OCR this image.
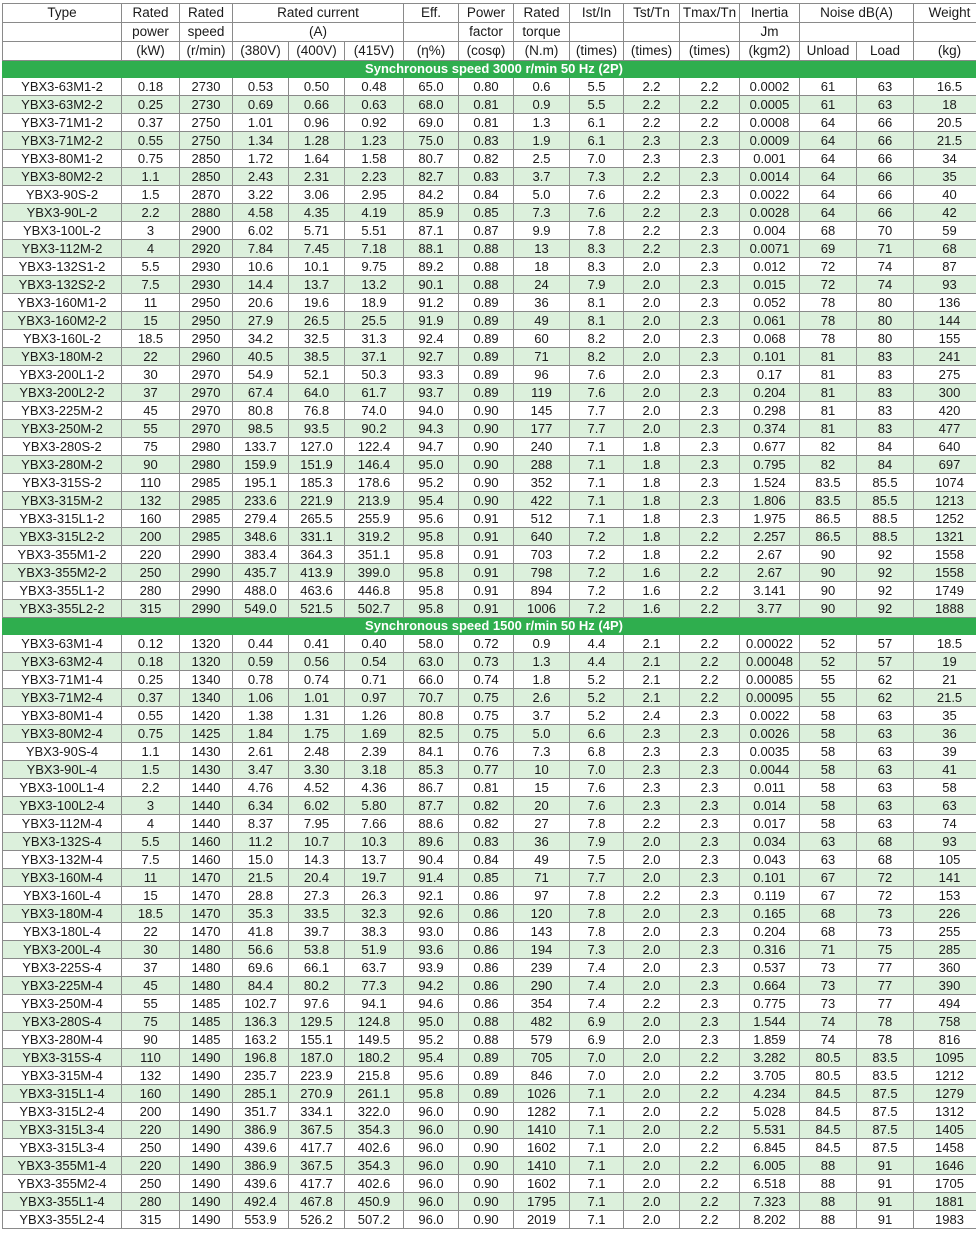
Type	Rated	Rated	Rated current			Eff.	Power	Rated	Ist/In	Tst/Tn	Tmax/Tn	Inertia	Noise dB(A)		Weight
	power	speed	(A)				factor	torque				Jm			
	(kW)	(r/min)	(380V)	(400V)	(415V)	(η%)	(cosφ)	(N.m)	(times)	(times)	(times)	(kgm2)	Unload	Load	(kg)
Synchronous speed 3000 r/min 50 Hz (2P)															
YBX3-63M1-2	0.18	2730	0.53	0.50	0.48	65.0	0.80	0.6	5.5	2.2	2.2	0.0002	61	63	16.5
YBX3-63M2-2	0.25	2730	0.69	0.66	0.63	68.0	0.81	0.9	5.5	2.2	2.2	0.0005	61	63	18
YBX3-71M1-2	0.37	2750	1.01	0.96	0.92	69.0	0.81	1.3	6.1	2.2	2.2	0.0008	64	66	20.5
YBX3-71M2-2	0.55	2750	1.34	1.28	1.23	75.0	0.83	1.9	6.1	2.3	2.3	0.0009	64	66	21.5
YBX3-80M1-2	0.75	2850	1.72	1.64	1.58	80.7	0.82	2.5	7.0	2.3	2.3	0.001	64	66	34
YBX3-80M2-2	1.1	2850	2.43	2.31	2.23	82.7	0.83	3.7	7.3	2.2	2.3	0.0014	64	66	35
YBX3-90S-2	1.5	2870	3.22	3.06	2.95	84.2	0.84	5.0	7.6	2.2	2.3	0.0022	64	66	40
YBX3-90L-2	2.2	2880	4.58	4.35	4.19	85.9	0.85	7.3	7.6	2.2	2.3	0.0028	64	66	42
YBX3-100L-2	3	2900	6.02	5.71	5.51	87.1	0.87	9.9	7.8	2.2	2.3	0.004	68	70	59
YBX3-112M-2	4	2920	7.84	7.45	7.18	88.1	0.88	13	8.3	2.2	2.3	0.0071	69	71	68
YBX3-132S1-2	5.5	2930	10.6	10.1	9.75	89.2	0.88	18	8.3	2.0	2.3	0.012	72	74	87
YBX3-132S2-2	7.5	2930	14.4	13.7	13.2	90.1	0.88	24	7.9	2.0	2.3	0.015	72	74	93
YBX3-160M1-2	11	2950	20.6	19.6	18.9	91.2	0.89	36	8.1	2.0	2.3	0.052	78	80	136
YBX3-160M2-2	15	2950	27.9	26.5	25.5	91.9	0.89	49	8.1	2.0	2.3	0.061	78	80	144
YBX3-160L-2	18.5	2950	34.2	32.5	31.3	92.4	0.89	60	8.2	2.0	2.3	0.068	78	80	155
YBX3-180M-2	22	2960	40.5	38.5	37.1	92.7	0.89	71	8.2	2.0	2.3	0.101	81	83	241
YBX3-200L1-2	30	2970	54.9	52.1	50.3	93.3	0.89	96	7.6	2.0	2.3	0.17	81	83	275
YBX3-200L2-2	37	2970	67.4	64.0	61.7	93.7	0.89	119	7.6	2.0	2.3	0.204	81	83	300
YBX3-225M-2	45	2970	80.8	76.8	74.0	94.0	0.90	145	7.7	2.0	2.3	0.298	81	83	420
YBX3-250M-2	55	2970	98.5	93.5	90.2	94.3	0.90	177	7.7	2.0	2.3	0.374	81	83	477
YBX3-280S-2	75	2980	133.7	127.0	122.4	94.7	0.90	240	7.1	1.8	2.3	0.677	82	84	640
YBX3-280M-2	90	2980	159.9	151.9	146.4	95.0	0.90	288	7.1	1.8	2.3	0.795	82	84	697
YBX3-315S-2	110	2985	195.1	185.3	178.6	95.2	0.90	352	7.1	1.8	2.3	1.524	83.5	85.5	1074
YBX3-315M-2	132	2985	233.6	221.9	213.9	95.4	0.90	422	7.1	1.8	2.3	1.806	83.5	85.5	1213
YBX3-315L1-2	160	2985	279.4	265.5	255.9	95.6	0.91	512	7.1	1.8	2.3	1.975	86.5	88.5	1252
YBX3-315L2-2	200	2985	348.6	331.1	319.2	95.8	0.91	640	7.2	1.8	2.2	2.257	86.5	88.5	1321
YBX3-355M1-2	220	2990	383.4	364.3	351.1	95.8	0.91	703	7.2	1.8	2.2	2.67	90	92	1558
YBX3-355M2-2	250	2990	435.7	413.9	399.0	95.8	0.91	798	7.2	1.6	2.2	2.67	90	92	1558
YBX3-355L1-2	280	2990	488.0	463.6	446.8	95.8	0.91	894	7.2	1.6	2.2	3.141	90	92	1749
YBX3-355L2-2	315	2990	549.0	521.5	502.7	95.8	0.91	1006	7.2	1.6	2.2	3.77	90	92	1888
Synchronous speed 1500 r/min 50 Hz (4P)															
YBX3-63M1-4	0.12	1320	0.44	0.41	0.40	58.0	0.72	0.9	4.4	2.1	2.2	0.00022	52	57	18.5
YBX3-63M2-4	0.18	1320	0.59	0.56	0.54	63.0	0.73	1.3	4.4	2.1	2.2	0.00048	52	57	19
YBX3-71M1-4	0.25	1340	0.78	0.74	0.71	66.0	0.74	1.8	5.2	2.1	2.2	0.00085	55	62	21
YBX3-71M2-4	0.37	1340	1.06	1.01	0.97	70.7	0.75	2.6	5.2	2.1	2.2	0.00095	55	62	21.5
YBX3-80M1-4	0.55	1420	1.38	1.31	1.26	80.8	0.75	3.7	5.2	2.4	2.3	0.0022	58	63	35
YBX3-80M2-4	0.75	1425	1.84	1.75	1.69	82.5	0.75	5.0	6.6	2.3	2.3	0.0026	58	63	36
YBX3-90S-4	1.1	1430	2.61	2.48	2.39	84.1	0.76	7.3	6.8	2.3	2.3	0.0035	58	63	39
YBX3-90L-4	1.5	1430	3.47	3.30	3.18	85.3	0.77	10	7.0	2.3	2.3	0.0044	58	63	41
YBX3-100L1-4	2.2	1440	4.76	4.52	4.36	86.7	0.81	15	7.6	2.3	2.3	0.011	58	63	58
YBX3-100L2-4	3	1440	6.34	6.02	5.80	87.7	0.82	20	7.6	2.3	2.3	0.014	58	63	63
YBX3-112M-4	4	1440	8.37	7.95	7.66	88.6	0.82	27	7.8	2.2	2.3	0.017	58	63	74
YBX3-132S-4	5.5	1460	11.2	10.7	10.3	89.6	0.83	36	7.9	2.0	2.3	0.034	63	68	93
YBX3-132M-4	7.5	1460	15.0	14.3	13.7	90.4	0.84	49	7.5	2.0	2.3	0.043	63	68	105
YBX3-160M-4	11	1470	21.5	20.4	19.7	91.4	0.85	71	7.7	2.0	2.3	0.101	67	72	141
YBX3-160L-4	15	1470	28.8	27.3	26.3	92.1	0.86	97	7.8	2.2	2.3	0.119	67	72	153
YBX3-180M-4	18.5	1470	35.3	33.5	32.3	92.6	0.86	120	7.8	2.0	2.3	0.165	68	73	226
YBX3-180L-4	22	1470	41.8	39.7	38.3	93.0	0.86	143	7.8	2.0	2.3	0.204	68	73	255
YBX3-200L-4	30	1480	56.6	53.8	51.9	93.6	0.86	194	7.3	2.0	2.3	0.316	71	75	285
YBX3-225S-4	37	1480	69.6	66.1	63.7	93.9	0.86	239	7.4	2.0	2.3	0.537	73	77	360
YBX3-225M-4	45	1480	84.4	80.2	77.3	94.2	0.86	290	7.4	2.0	2.3	0.664	73	77	390
YBX3-250M-4	55	1485	102.7	97.6	94.1	94.6	0.86	354	7.4	2.2	2.3	0.775	73	77	494
YBX3-280S-4	75	1485	136.3	129.5	124.8	95.0	0.88	482	6.9	2.0	2.3	1.544	74	78	758
YBX3-280M-4	90	1485	163.2	155.1	149.5	95.2	0.88	579	6.9	2.0	2.3	1.859	74	78	816
YBX3-315S-4	110	1490	196.8	187.0	180.2	95.4	0.89	705	7.0	2.0	2.2	3.282	80.5	83.5	1095
YBX3-315M-4	132	1490	235.7	223.9	215.8	95.6	0.89	846	7.0	2.0	2.2	3.705	80.5	83.5	1212
YBX3-315L1-4	160	1490	285.1	270.9	261.1	95.8	0.89	1026	7.1	2.0	2.2	4.234	84.5	87.5	1279
YBX3-315L2-4	200	1490	351.7	334.1	322.0	96.0	0.90	1282	7.1	2.0	2.2	5.028	84.5	87.5	1312
YBX3-315L3-4	220	1490	386.9	367.5	354.3	96.0	0.90	1410	7.1	2.0	2.2	5.531	84.5	87.5	1405
YBX3-315L3-4	250	1490	439.6	417.7	402.6	96.0	0.90	1602	7.1	2.0	2.2	6.845	84.5	87.5	1458
YBX3-355M1-4	220	1490	386.9	367.5	354.3	96.0	0.90	1410	7.1	2.0	2.2	6.005	88	91	1646
YBX3-355M2-4	250	1490	439.6	417.7	402.6	96.0	0.90	1602	7.1	2.0	2.2	6.518	88	91	1705
YBX3-355L1-4	280	1490	492.4	467.8	450.9	96.0	0.90	1795	7.1	2.0	2.2	7.323	88	91	1881
YBX3-355L2-4	315	1490	553.9	526.2	507.2	96.0	0.90	2019	7.1	2.0	2.2	8.202	88	91	1983
